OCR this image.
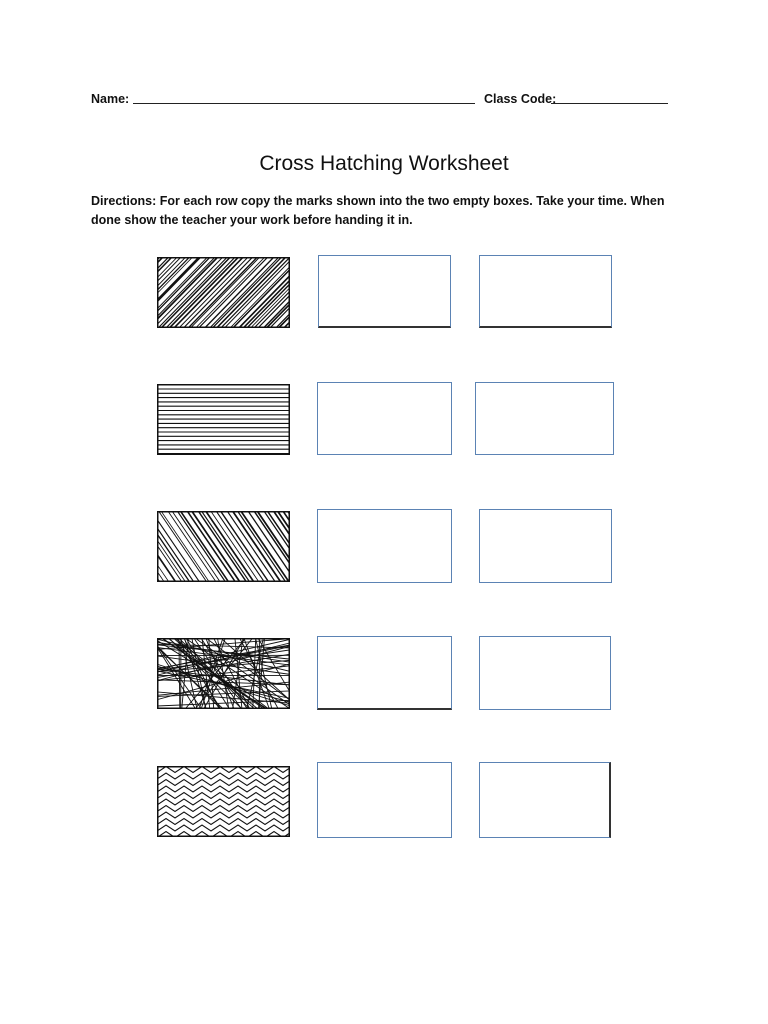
Name:	Class Code:
Cross Hatching Worksheet
Directions: For each row copy the marks shown into the two empty boxes. Take your time. When done show the teacher your work before handing it in.
